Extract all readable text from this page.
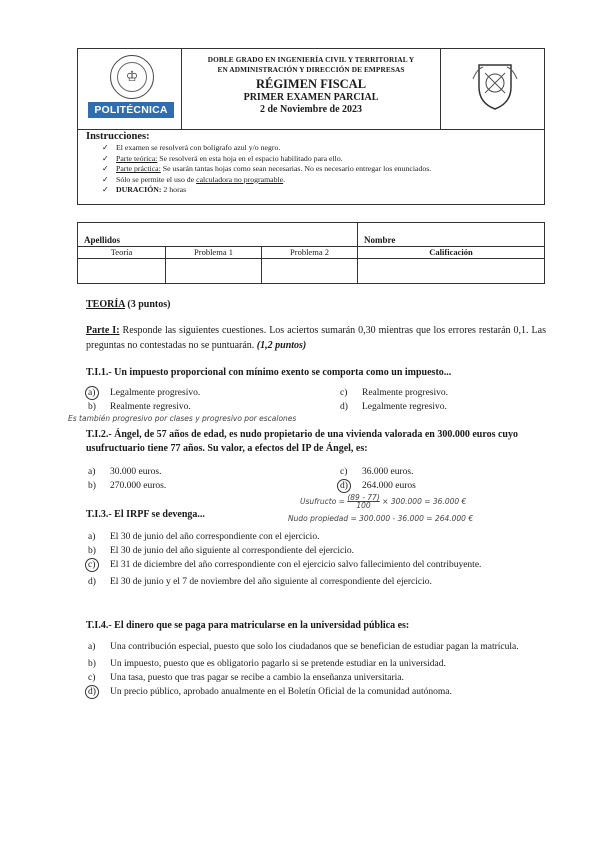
♔
POLITÉCNICA
DOBLE GRADO EN INGENIERÍA CIVIL Y TERRITORIAL Y
EN ADMINISTRACIÓN Y DIRECCIÓN DE EMPRESAS
RÉGIMEN FISCAL
PRIMER EXAMEN PARCIAL
2 de Noviembre de 2023
Instrucciones:
✓ El examen se resolverá con bolígrafo azul y/o negro.
✓ Parte teórica: Se resolverá en esta hoja en el espacio habilitado para ello.
✓ Parte práctica: Se usarán tantas hojas como sean necesarias. No es necesario entregar los enunciados.
✓ Sólo se permite el uso de calculadora no programable.
✓ DURACIÓN: 2 horas
Apellidos	Nombre
Teoría	Problema 1	Problema 2	Calificación
TEORÍA (3 puntos)
Parte I: Responde las siguientes cuestiones. Los aciertos sumarán 0,30 mientras que los errores restarán 0,1. Las preguntas no contestadas no se puntuarán. (1,2 puntos)
T.I.1.- Un impuesto proporcional con mínimo exento se comporta como un impuesto...
a)	Legalmente progresivo.	c)	Realmente progresivo.
b)	Realmente regresivo.	d)	Legalmente regresivo.
Es también progresivo por clases y progresivo por escalones
T.I.2.- Ángel, de 57 años de edad, es nudo propietario de una vivienda valorada en 300.000 euros cuyo usufructuario tiene 77 años. Su valor, a efectos del IP de Ángel, es:
a)	30.000 euros.	c)	36.000 euros.
b)	270.000 euros.	d)	264.000 euros
Usufructo = $\frac{(89 - 77)}{100} \times 300.000 = 36.000$ €
Nudo propiedad = 300.000 - 36.000 = 264.000 €
T.I.3.- El IRPF se devenga...
a)	El 30 de junio del año correspondiente con el ejercicio.
b)	El 30 de junio del año siguiente al correspondiente del ejercicio.
c)	El 31 de diciembre del año correspondiente con el ejercicio salvo fallecimiento del contribuyente.
d)	El 30 de junio y el 7 de noviembre del año siguiente al correspondiente del ejercicio.
T.I.4.- El dinero que se paga para matricularse en la universidad pública es:
a)	Una contribución especial, puesto que solo los ciudadanos que se benefician de estudiar pagan la matrícula.
b)	Un impuesto, puesto que es obligatorio pagarlo si se pretende estudiar en la universidad.
c)	Una tasa, puesto que tras pagar se recibe a cambio la enseñanza universitaria.
d)	Un precio público, aprobado anualmente en el Boletín Oficial de la comunidad autónoma.
